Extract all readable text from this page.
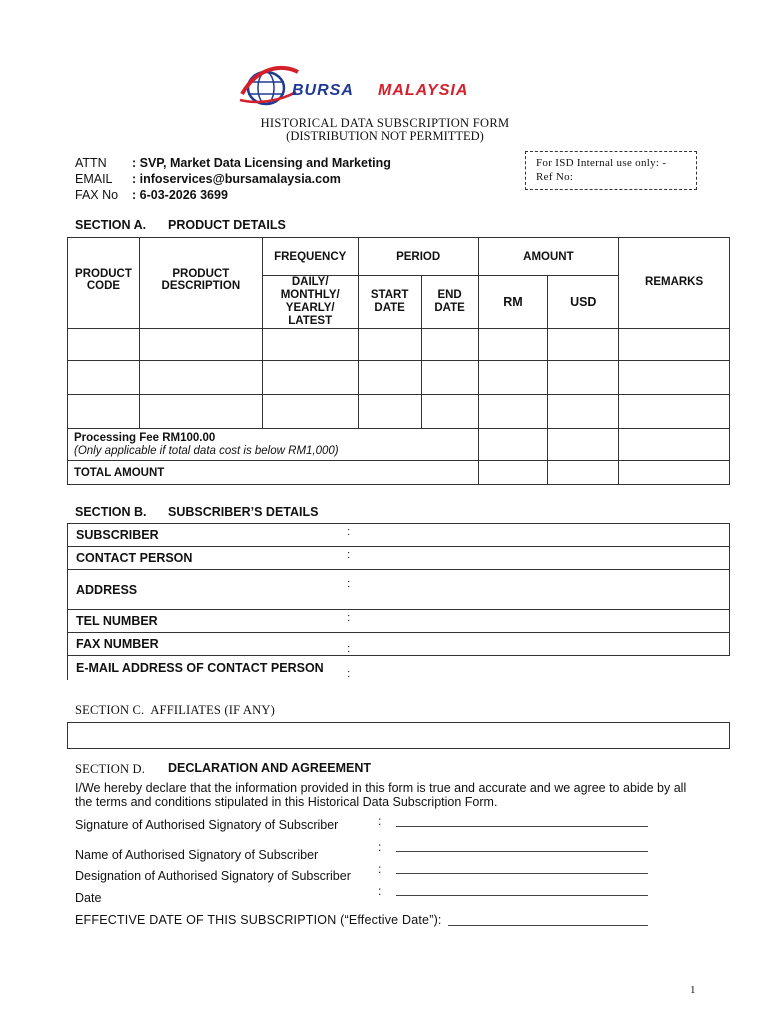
BURSA MALAYSIA
HISTORICAL DATA SUBSCRIPTION FORM
(DISTRIBUTION NOT PERMITTED)
ATTN : SVP, Market Data Licensing and Marketing
EMAIL : infoservices@bursamalaysia.com
FAX No : 6-03-2026 3699
For ISD Internal use only: -
Ref No:
SECTION A. PRODUCT DETAILS
PRODUCT CODE	PRODUCT DESCRIPTION	FREQUENCY	PERIOD		AMOUNT		REMARKS
		DAILY/ MONTHLY/ YEARLY/ LATEST	START DATE	END DATE	RM	USD	

Processing Fee RM100.00
(Only applicable if total data cost is below RM1,000)							

TOTAL AMOUNT							
SECTION B. SUBSCRIBER’S DETAILS
SUBSCRIBER	:
CONTACT PERSON	:
ADDRESS	:
TEL NUMBER	:
FAX NUMBER	:
E-MAIL ADDRESS OF CONTACT PERSON	:
SECTION C.  AFFILIATES (IF ANY)
SECTION D. DECLARATION AND AGREEMENT
I/We hereby declare that the information provided in this form is true and accurate and we agree to abide by all the terms and conditions stipulated in this Historical Data Subscription Form.
Signature of Authorised Signatory of Subscriber	:
Name of Authorised Signatory of Subscriber
:
Designation of Authorised Signatory of Subscriber :
Date	:
EFFECTIVE DATE OF THIS SUBSCRIPTION (“Effective Date”):
1
